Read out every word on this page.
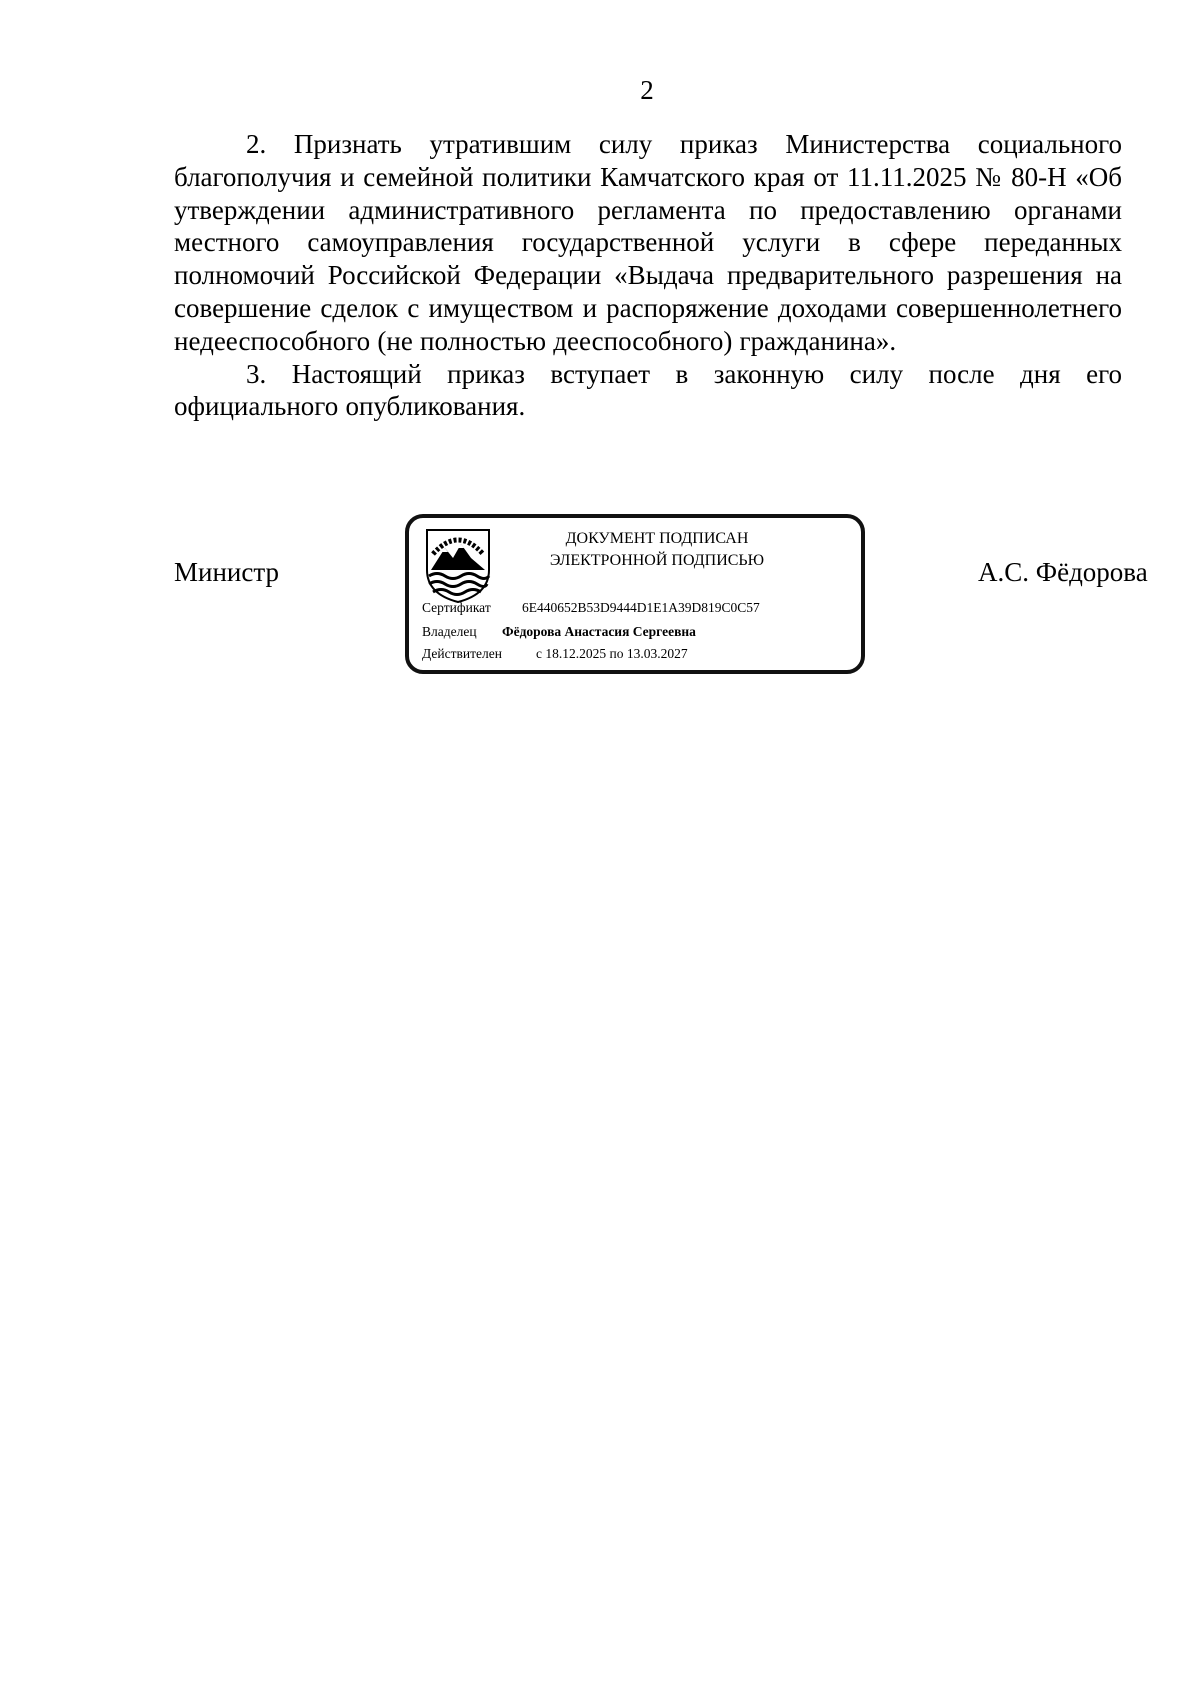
2

2. Признать утратившим силу приказ Министерства социального благополучия и семейной политики Камчатского края от 11.11.2025 № 80-Н «Об утверждении административного регламента по предоставлению органами местного самоуправления государственной услуги в сфере переданных полномочий Российской Федерации «Выдача предварительного разрешения на совершение сделок с имуществом и распоряжение доходами совершеннолетнего недееспособного (не полностью дееспособного) гражданина».

3. Настоящий приказ вступает в законную силу после дня его официального опубликования.

Министр
ДОКУМЕНТ ПОДПИСАН
ЭЛЕКТРОННОЙ ПОДПИСЬЮ
Сертификат 6E440652B53D9444D1E1A39D819C0C57
Владелец Фёдорова Анастасия Сергеевна
Действителен	с 18.12.2025 по 13.03.2027
А.С. Фёдорова
